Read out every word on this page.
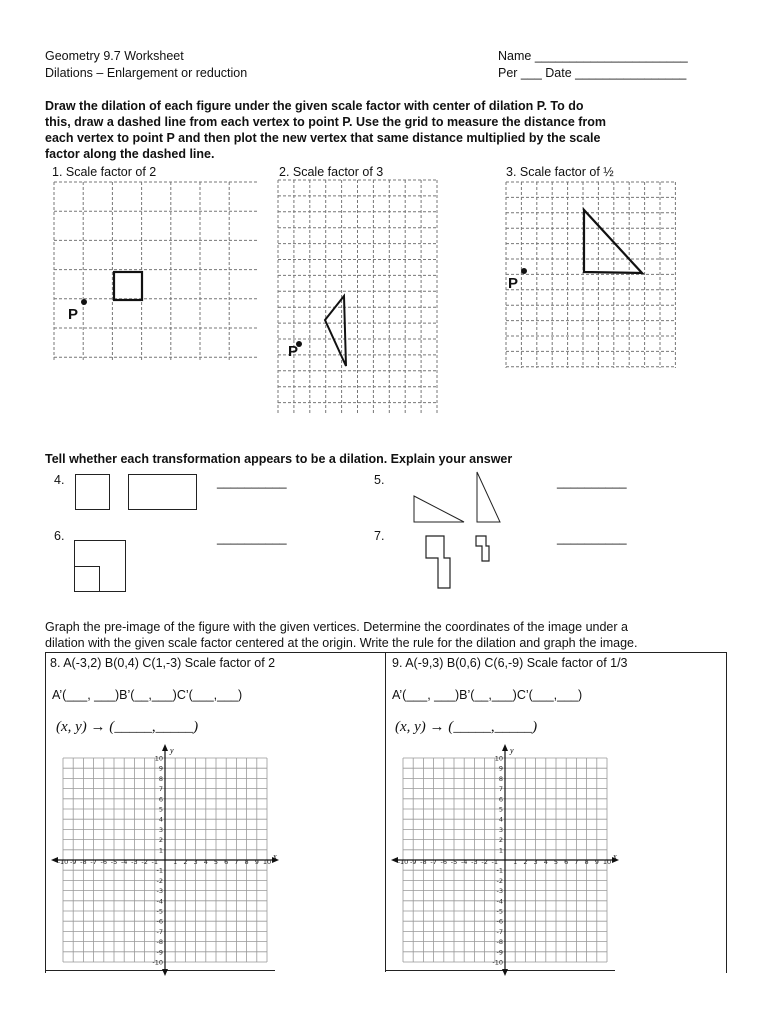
Geometry 9.7 Worksheet
Dilations – Enlargement or reduction
Name ______________________
Per ___ Date ________________
Draw the dilation of each figure under the given scale factor with center of dilation P. To do
this, draw a dashed line from each vertex to point P. Use the grid to measure the distance from
each vertex to point P and then plot the new vertex that same distance multiplied by the scale
factor along the dashed line.
1. Scale factor of 2	2. Scale factor of 3	3. Scale factor of ½
P
P
P
Tell whether each transformation appears to be a dilation. Explain your answer
4.	__________	5.	__________
6.	__________	7.	__________
Graph the pre-image of the figure with the given vertices. Determine the coordinates of the image under a
dilation with the given scale factor centered at the origin. Write the rule for the dilation and graph the image.
8. A(-3,2) B(0,4) C(1,-3) Scale factor of 2
A’(___, ___)B’(__,___)C’(___,___)
(x, y) → (_____,_____)
9. A(-9,3) B(0,6) C(6,-9) Scale factor of 1/3
A’(___, ___)B’(__,___)C’(___,___)
(x, y) → (_____,_____)
x
y
-10
-10
-9
-9
-8
-8
-7
-7
-6
-6
-5
-5
-4
-4
-3
-3
-2
-2
-1
-1
1
1
2
2
3
3
4
4
5
5
6
6
7
7
8
8
9
9
10
10
x
y
-10
-10
-9
-9
-8
-8
-7
-7
-6
-6
-5
-5
-4
-4
-3
-3
-2
-2
-1
-1
1
1
2
2
3
3
4
4
5
5
6
6
7
7
8
8
9
9
10
10
